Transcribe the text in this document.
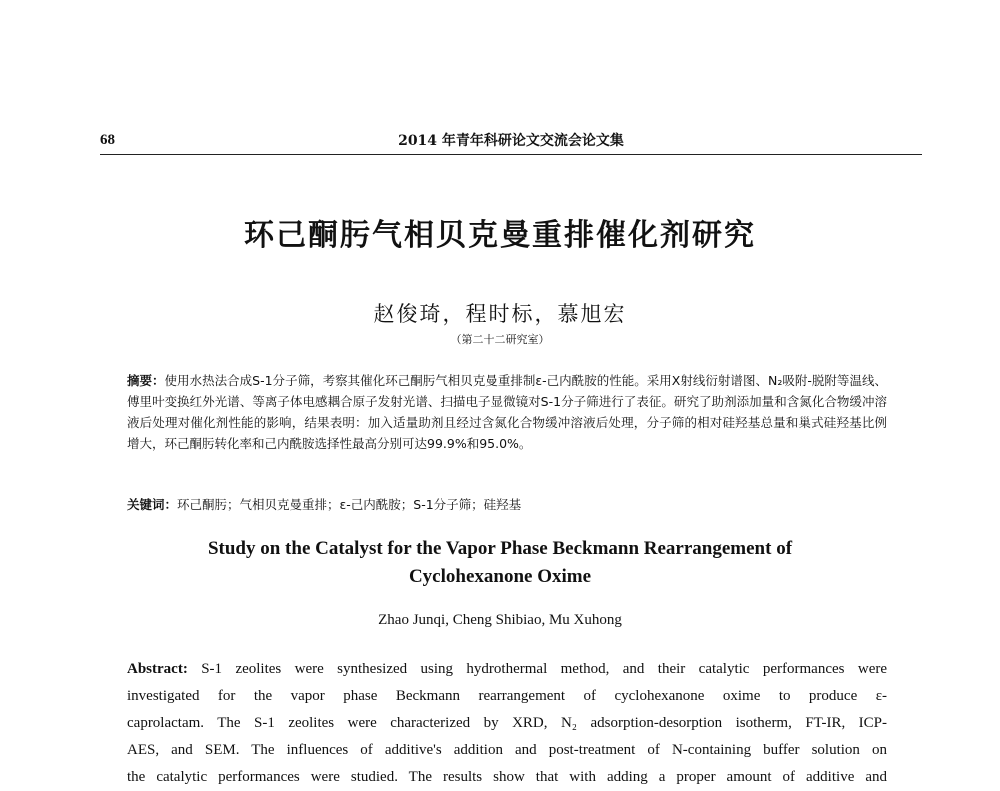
68	2014 年青年科研论文交流会论文集
环己酮肟气相贝克曼重排催化剂研究
赵俊琦，程时标，慕旭宏
（第二十二研究室）

摘要：使用水热法合成S-1分子筛，考察其催化环己酮肟气相贝克曼重排制ε-己内酰胺的性能。采用X射线衍射谱图、N₂吸附-脱附等温线、傅里叶变换红外光谱、等离子体电感耦合原子发射光谱、扫描电子显微镜对S-1分子筛进行了表征。研究了助剂添加量和含氮化合物缓冲溶液后处理对催化剂性能的影响，结果表明：加入适量助剂且经过含氮化合物缓冲溶液后处理，分子筛的相对硅羟基总量和巢式硅羟基比例增大，环己酮肟转化率和己内酰胺选择性最高分别可达99.9%和95.0%。

关键词：环己酮肟；气相贝克曼重排；ε-己内酰胺；S-1分子筛；硅羟基

Study on the Catalyst for the Vapor Phase Beckmann Rearrangement of
Cyclohexanone Oxime
Zhao Junqi, Cheng Shibiao, Mu Xuhong

Abstract: S-1 zeolites were synthesized using hydrothermal method, and their catalytic performances were
investigated for the vapor phase Beckmann rearrangement of cyclohexanone oxime to produce ε-
caprolactam. The S-1 zeolites were characterized by XRD, N₂ adsorption-desorption isotherm, FT-IR, ICP-
AES, and SEM. The influences of additive's addition and post-treatment of N-containing buffer solution on
the catalytic performances were studied. The results show that with adding a proper amount of additive and
